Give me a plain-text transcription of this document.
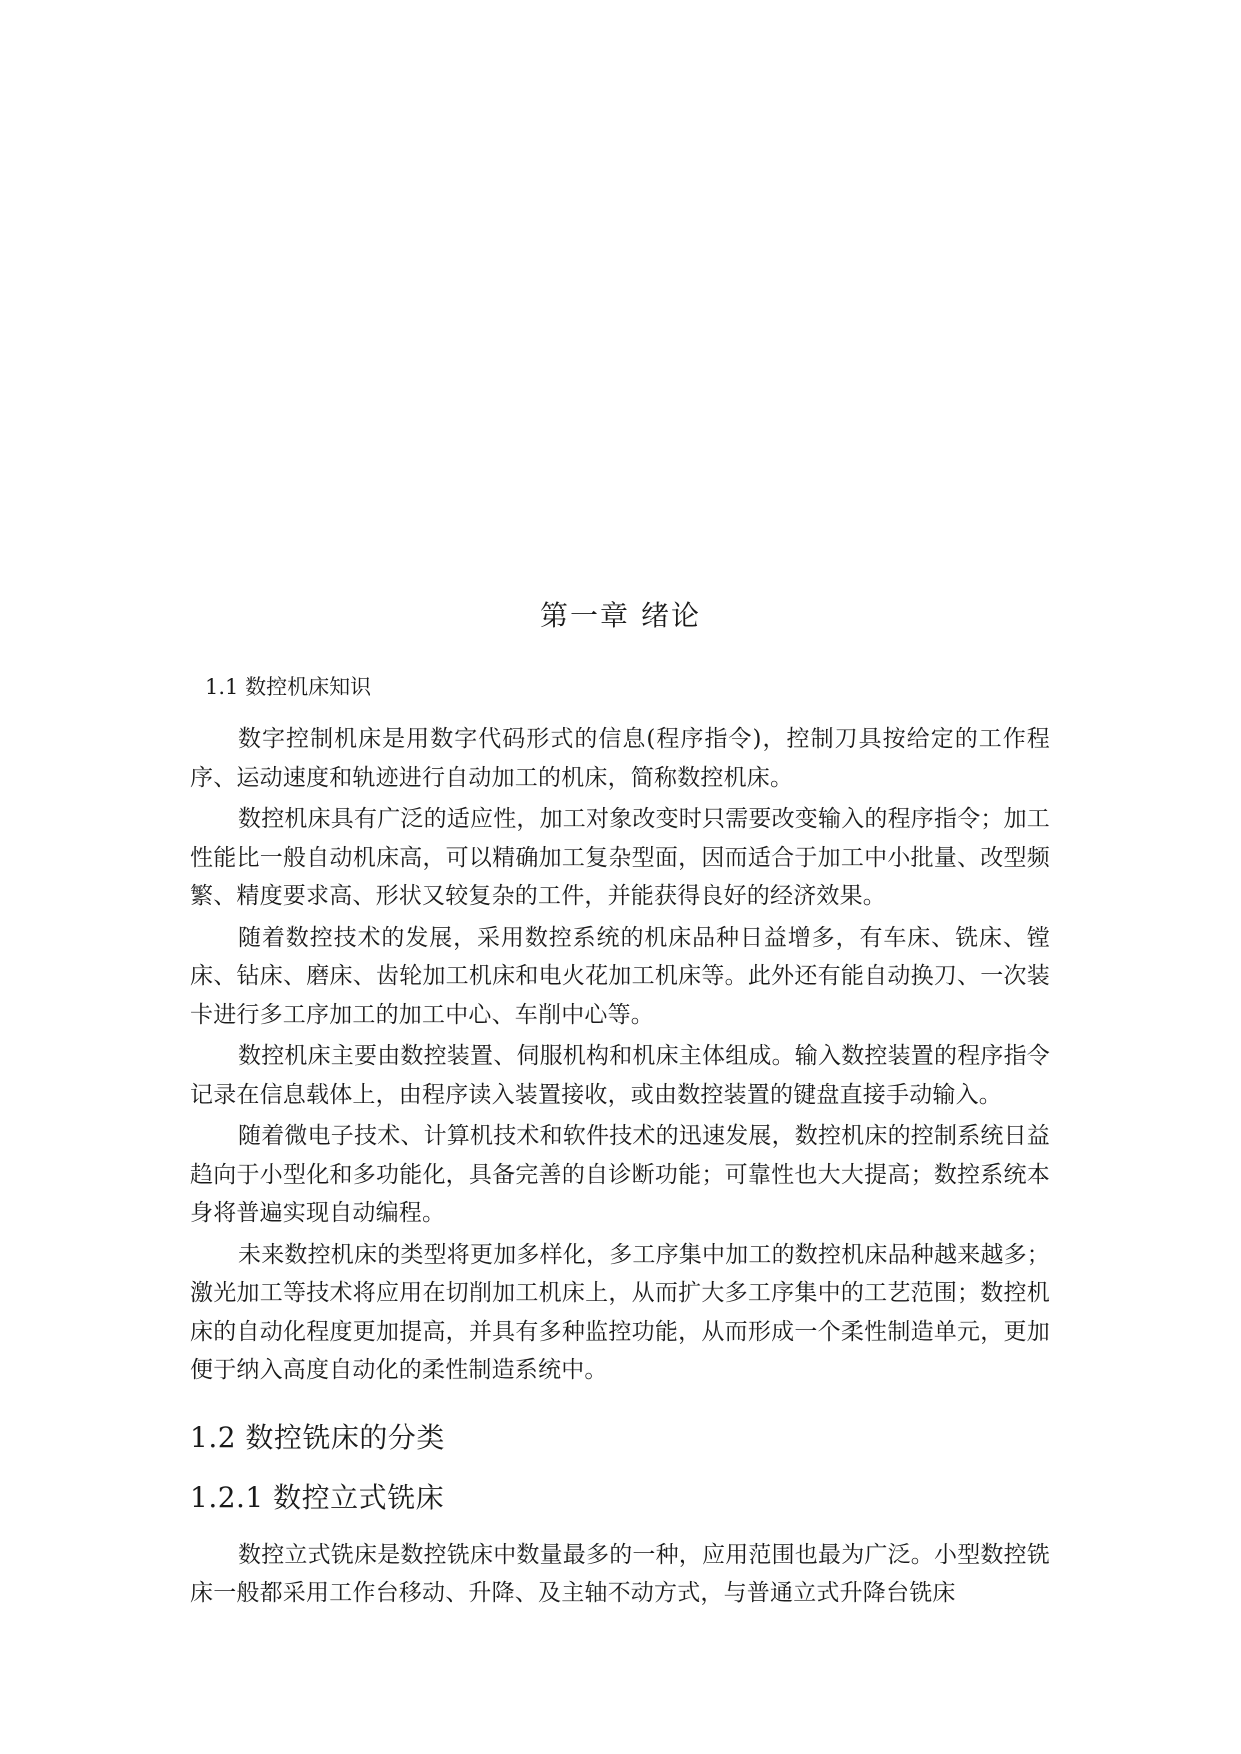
第一章 绪论
1.1 数控机床知识

数字控制机床是用数字代码形式的信息(程序指令)，控制刀具按给定的工作程序、运动速度和轨迹进行自动加工的机床，简称数控机床。

数控机床具有广泛的适应性，加工对象改变时只需要改变输入的程序指令；加工性能比一般自动机床高，可以精确加工复杂型面，因而适合于加工中小批量、改型频繁、精度要求高、形状又较复杂的工件，并能获得良好的经济效果。

随着数控技术的发展，采用数控系统的机床品种日益增多，有车床、铣床、镗床、钻床、磨床、齿轮加工机床和电火花加工机床等。此外还有能自动换刀、一次装卡进行多工序加工的加工中心、车削中心等。

数控机床主要由数控装置、伺服机构和机床主体组成。输入数控装置的程序指令记录在信息载体上，由程序读入装置接收，或由数控装置的键盘直接手动输入。

随着微电子技术、计算机技术和软件技术的迅速发展，数控机床的控制系统日益趋向于小型化和多功能化，具备完善的自诊断功能；可靠性也大大提高；数控系统本身将普遍实现自动编程。

未来数控机床的类型将更加多样化，多工序集中加工的数控机床品种越来越多；激光加工等技术将应用在切削加工机床上，从而扩大多工序集中的工艺范围；数控机床的自动化程度更加提高，并具有多种监控功能，从而形成一个柔性制造单元，更加便于纳入高度自动化的柔性制造系统中。

1.2 数控铣床的分类
1.2.1 数控立式铣床

数控立式铣床是数控铣床中数量最多的一种，应用范围也最为广泛。小型数控铣床一般都采用工作台移动、升降、及主轴不动方式，与普通立式升降台铣床
